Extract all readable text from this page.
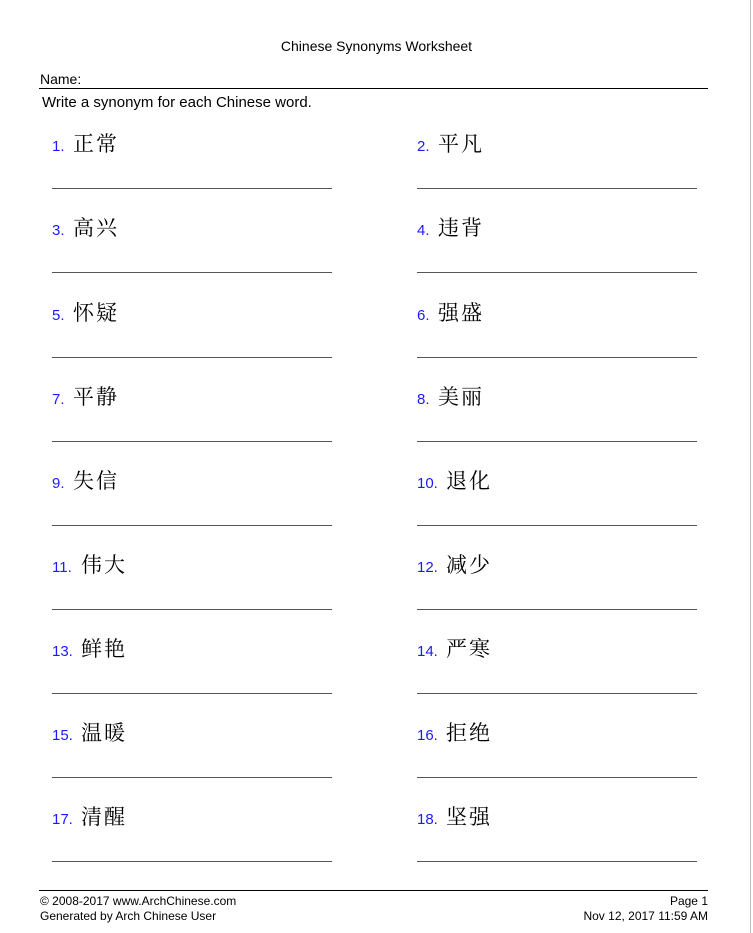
Chinese Synonyms Worksheet
Name:
Write a synonym for each Chinese word.
1. 正常	2. 平凡
3. 高兴	4. 违背
5. 怀疑	6. 强盛
7. 平静	8. 美丽
9. 失信	10. 退化
11. 伟大	12. 减少
13. 鲜艳	14. 严寒
15. 温暖	16. 拒绝
17. 清醒	18. 坚强
© 2008-2017 www.ArchChinese.com
Generated by Arch Chinese User
Page 1
Nov 12, 2017 11:59 AM
